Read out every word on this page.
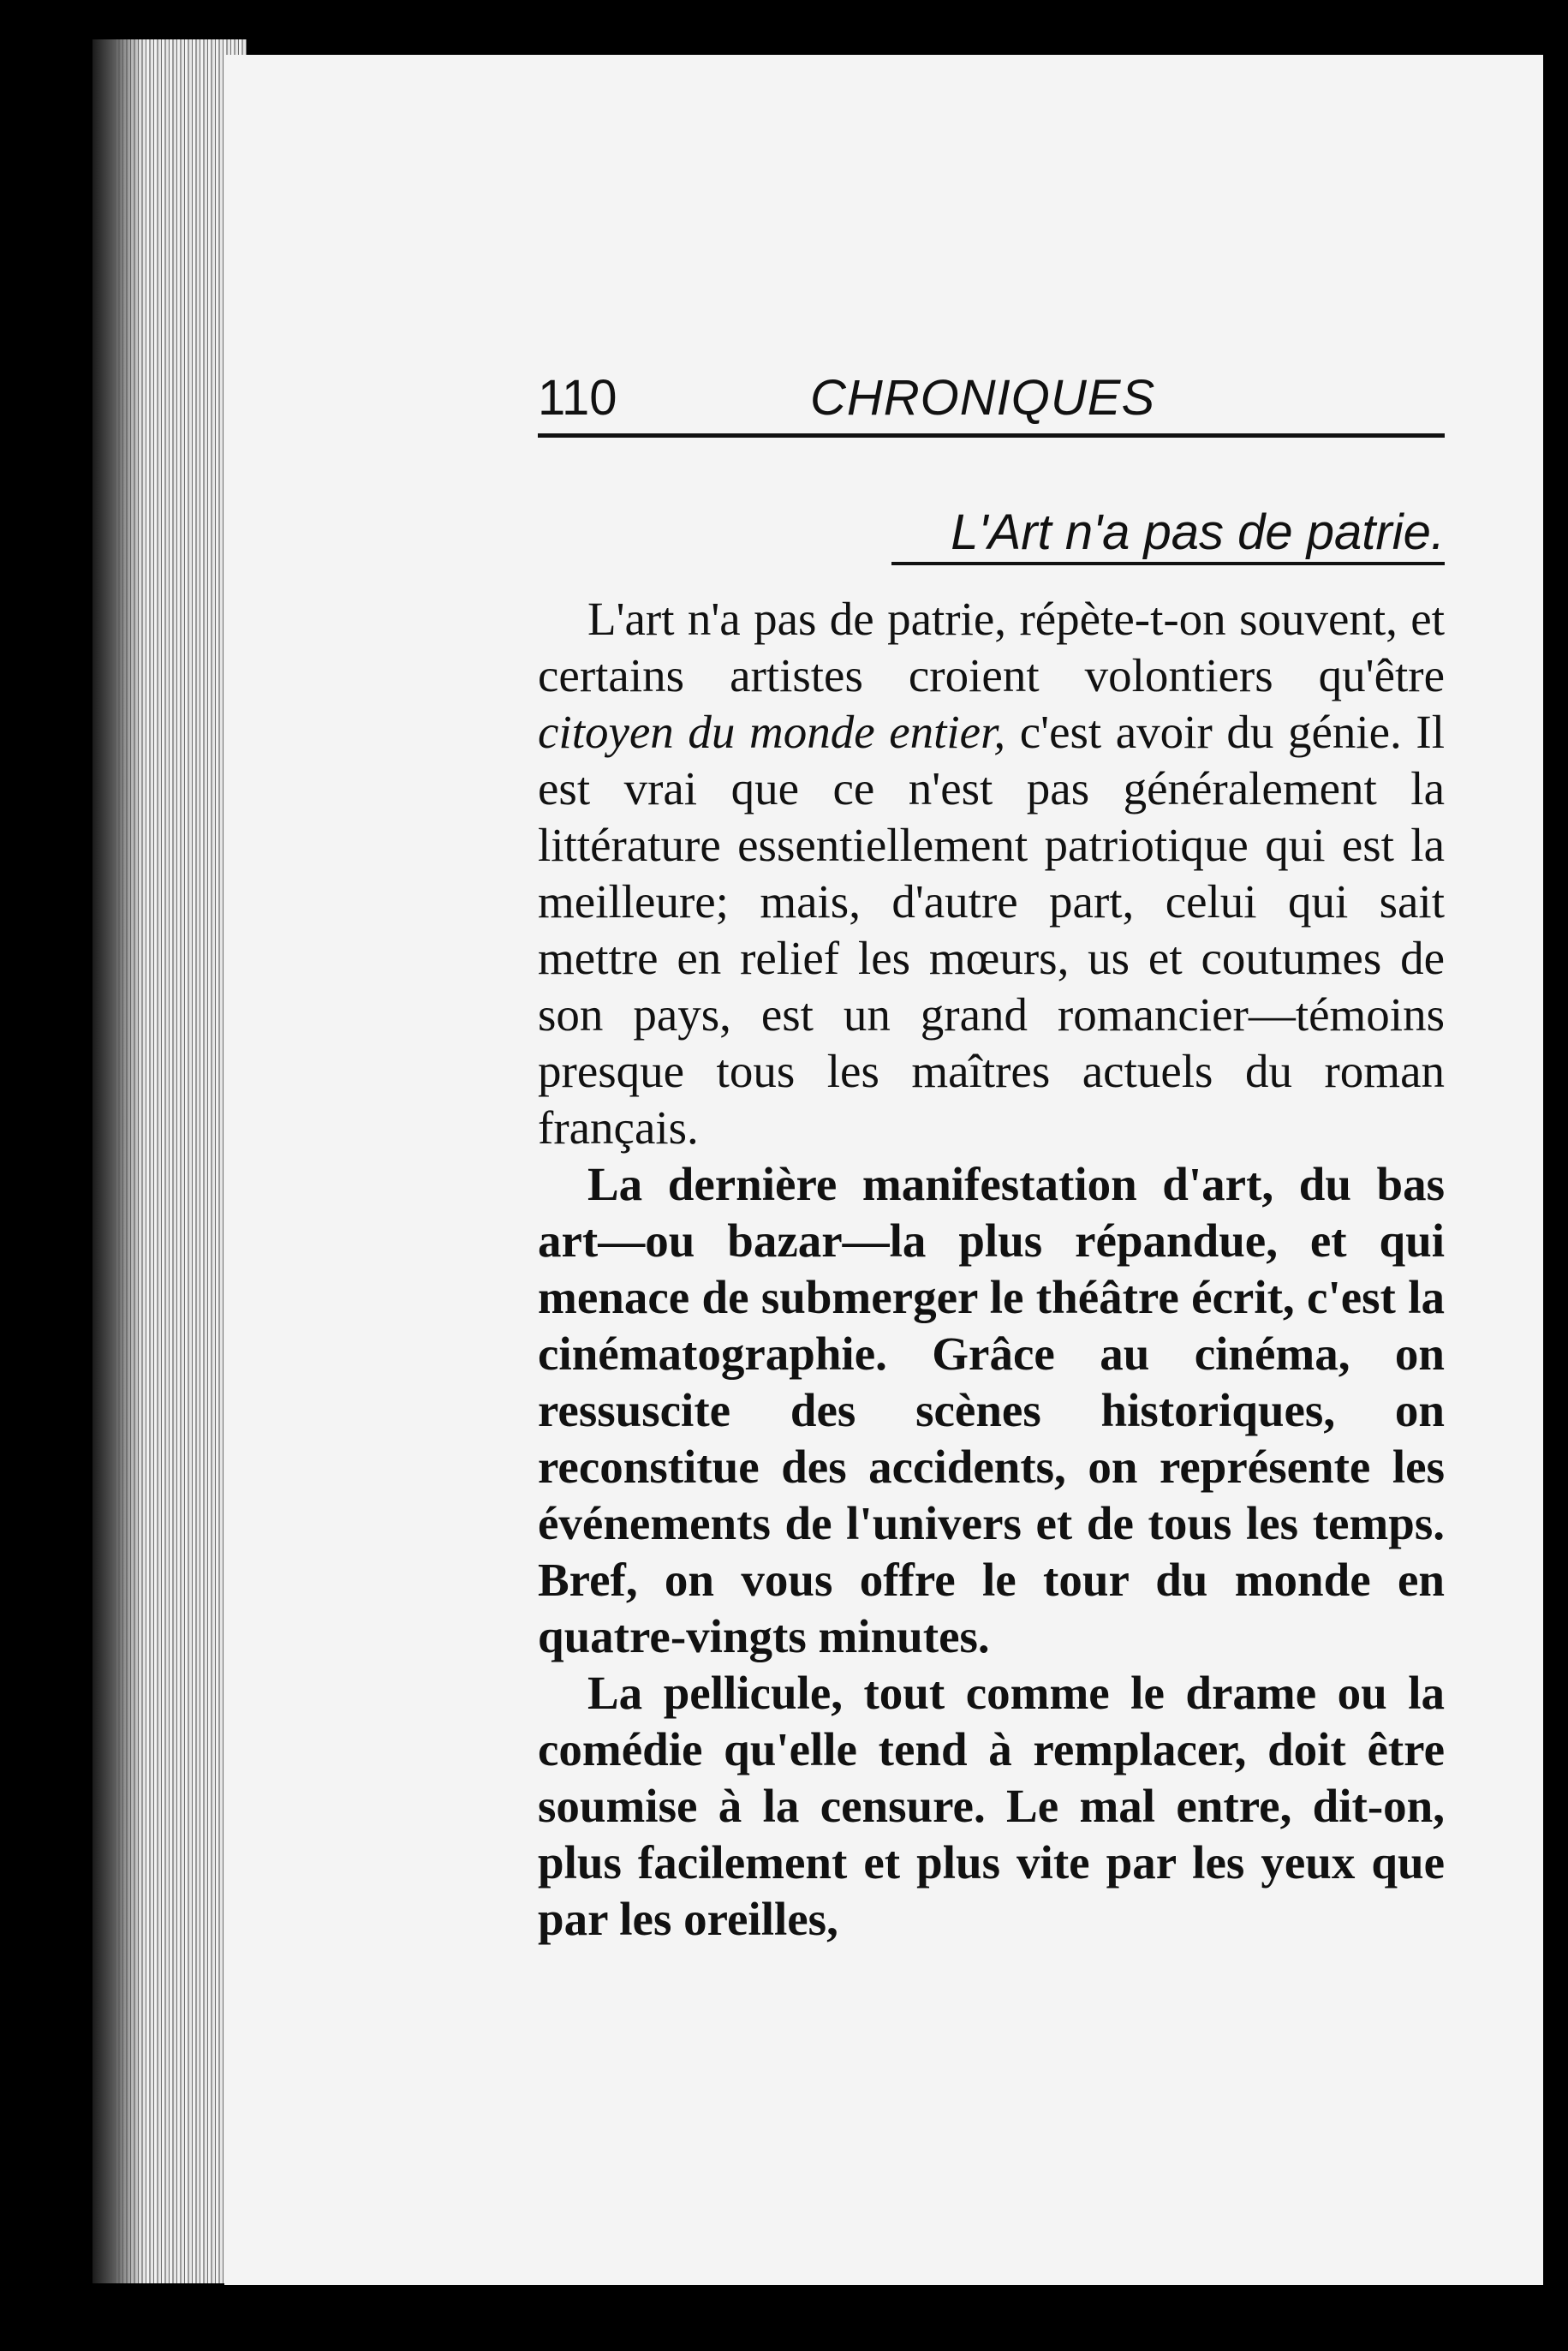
110	CHRONIQUES
L'Art n'a pas de patrie.

L'art n'a pas de patrie, répète-t-on souvent, et certains artistes croient volontiers qu'être citoyen du monde entier, c'est avoir du génie. Il est vrai que ce n'est pas généralement la littérature essentiellement patriotique qui est la meilleure; mais, d'autre part, celui qui sait mettre en relief les mœurs, us et coutumes de son pays, est un grand romancier—témoins presque tous les maîtres actuels du roman français.

La dernière manifestation d'art, du bas art—ou bazar—la plus répandue, et qui menace de submerger le théâtre écrit, c'est la cinématographie. Grâce au cinéma, on ressuscite des scènes historiques, on reconstitue des accidents, on représente les événements de l'univers et de tous les temps. Bref, on vous offre le tour du monde en quatre-vingts minutes.

La pellicule, tout comme le drame ou la comédie qu'elle tend à remplacer, doit être soumise à la censure. Le mal entre, dit-on, plus facilement et plus vite par les yeux que par les oreilles,
